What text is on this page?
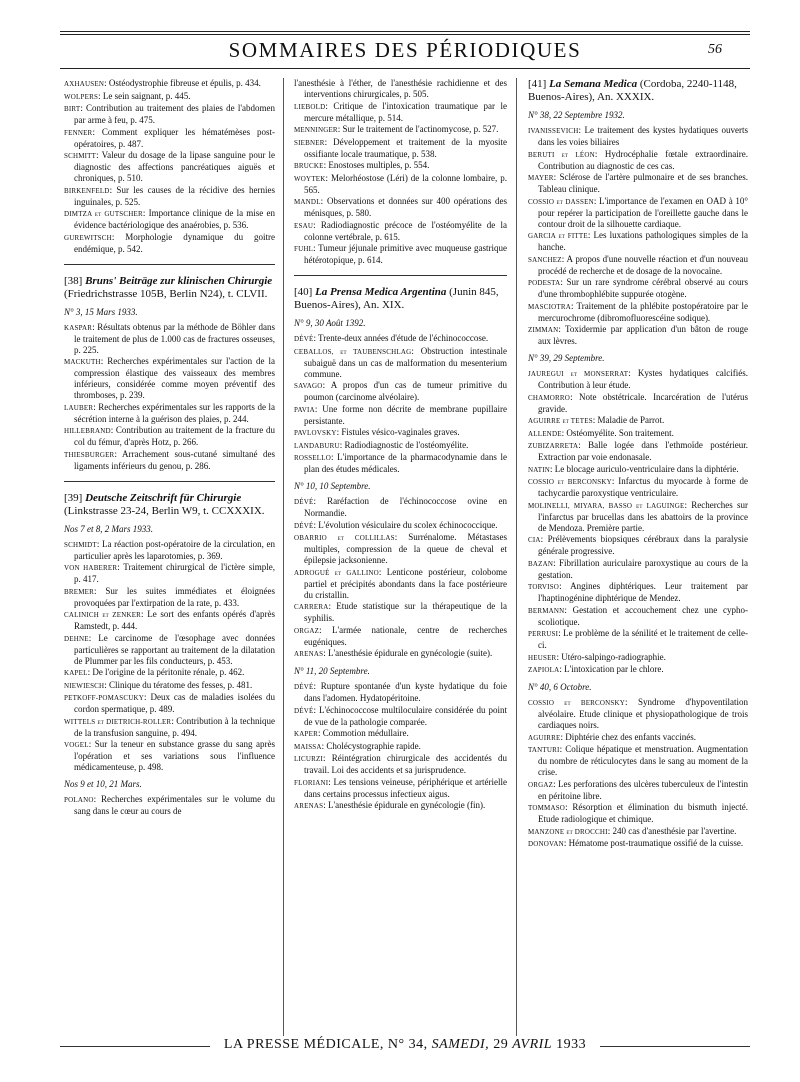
SOMMAIRES DES PÉRIODIQUES	56

AXHAUSEN: Ostéodystrophie fibreuse et épulis, p. 434.

WOLPERS: Le sein saignant, p. 445.

BIRT: Contribution au traitement des plaies de l'abdomen par arme à feu, p. 475.

FENNER: Comment expliquer les hématémèses post-opératoires, p. 487.

SCHMITT: Valeur du dosage de la lipase sanguine pour le diagnostic des affections pancréatiques aiguës et chroniques, p. 510.

BIRKENFELD: Sur les causes de la récidive des hernies inguinales, p. 525.

DIMTZA et GUTSCHER: Importance clinique de la mise en évidence bactériologique des anaérobies, p. 536.

GUREWITSCH: Morphologie dynamique du goitre endémique, p. 542.

[38] Bruns' Beiträge zur klinischen Chirurgie (Friedrichstrasse 105B, Berlin N24), t. CLVII.

N° 3, 15 Mars 1933.

KASPAR: Résultats obtenus par la méthode de Böhler dans le traitement de plus de 1.000 cas de fractures osseuses, p. 225.

MACKUTH: Recherches expérimentales sur l'action de la compression élastique des vaisseaux des membres inférieurs, considérée comme moyen préventif des thromboses, p. 239.

LAUBER: Recherches expérimentales sur les rapports de la sécrétion interne à la guérison des plaies, p. 244.

HILLEBRAND: Contribution au traitement de la fracture du col du fémur, d'après Hotz, p. 266.

THIESBURGER: Arrachement sous-cutané simultané des ligaments inférieurs du genou, p. 286.

[39] Deutsche Zeitschrift für Chirurgie (Linkstrasse 23-24, Berlin W9, t. CCXXXIX.

Nos 7 et 8, 2 Mars 1933.

SCHMIDT: La réaction post-opératoire de la circulation, en particulier après les laparotomies, p. 369.

VON HABERER: Traitement chirurgical de l'ictère simple, p. 417.

BREMER: Sur les suites immédiates et éloignées provoquées par l'extirpation de la rate, p. 433.

CALINICH et ZENKER: Le sort des enfants opérés d'après Ramstedt, p. 444.

DEHNE: Le carcinome de l'œsophage avec données particulières se rapportant au traitement de la dilatation de Plummer par les fils conducteurs, p. 453.

KAPEL: De l'origine de la péritonite rénale, p. 462.

NIEWIESCH: Clinique du tératome des fesses, p. 481.

PETKOFF-POMASCUKY: Deux cas de maladies isolées du cordon spermatique, p. 489.

WITTELS et DIETRICH-ROLLER: Contribution à la technique de la transfusion sanguine, p. 494.

VOGEL: Sur la teneur en substance grasse du sang après l'opération et ses variations sous l'influence médicamenteuse, p. 498.

Nos 9 et 10, 21 Mars.

POLANO: Recherches expérimentales sur le volume du sang dans le cœur au cours de

l'anesthésie à l'éther, de l'anesthésie rachidienne et des interventions chirurgicales, p. 505.

LIEBOLD: Critique de l'intoxication traumatique par le mercure métallique, p. 514.

MENNINGER: Sur le traitement de l'actinomycose, p. 527.

SIEBNER: Développement et traitement de la myosite ossifiante locale traumatique, p. 538.

BRUCKE: Enostoses multiples, p. 554.

WOYTEK: Melorhéostose (Léri) de la colonne lombaire, p. 565.

MANDL: Observations et données sur 400 opérations des ménisques, p. 580.

ESAU: Radiodiagnostic précoce de l'ostéomyélite de la colonne vertébrale, p. 615.

FUHL: Tumeur jéjunale primitive avec muqueuse gastrique hétérotopique, p. 614.

[40] La Prensa Medica Argentina (Junin 845, Buenos-Aires), An. XIX.

N° 9, 30 Août 1392.

DÉVÉ: Trente-deux années d'étude de l'échinococcose.

CEBALLOS, et TAUBENSCHLAG: Obstruction intestinale subaiguë dans un cas de malformation du mesenterium commune.

SAVAGO: A propos d'un cas de tumeur primitive du poumon (carcinome alvéolaire).

PAVIA: Une forme non décrite de membrane pupillaire persistante.

PAVLOVSKY: Fistules vésico-vaginales graves.

LANDABURU: Radiodiagnostic de l'ostéomyélite.

ROSSELLO: L'importance de la pharmacodynamie dans le plan des études médicales.

N° 10, 10 Septembre.

DÉVÉ: Raréfaction de l'échinococcose ovine en Normandie.

DÉVÉ: L'évolution vésiculaire du scolex échinococcique.

OBARRIO et COLLILLAS: Surrénalome. Métastases multiples, compression de la queue de cheval et épilepsie jacksonienne.

ADROGUÉ et GALLINO: Lenticone postérieur, colobome partiel et précipités abondants dans la face postérieure du cristallin.

CARRERA: Etude statistique sur la thérapeutique de la syphilis.

ORGAZ: L'armée nationale, centre de recherches eugéniques.

ARENAS: L'anesthésie épidurale en gynécologie (suite).

N° 11, 20 Septembre.

DÉVÉ: Rupture spontanée d'un kyste hydatique du foie dans l'adomen. Hydatopéritoine.

DÉVÉ: L'échinococcose multiloculaire considérée du point de vue de la pathologie comparée.

KAPER: Commotion médullaire.

MAISSA: Cholécystographie rapide.

LICURZI: Réintégration chirurgicale des accidentés du travail. Loi des accidents et sa jurisprudence.

FLORIANI: Les tensions veineuse, périphérique et artérielle dans certains processus infectieux aigus.

ARENAS: L'anesthésie épidurale en gynécologie (fin).

[41] La Semana Medica (Cordoba, 2240-1148, Buenos-Aires), An. XXXIX.

N° 38, 22 Septembre 1932.

IVANISSEVICH: Le traitement des kystes hydatiques ouverts dans les voies biliaires

BERUTI et LÉON: Hydrocéphalie fœtale extraordinaire. Contribution au diagnostic de ces cas.

MAYER: Sclérose de l'artère pulmonaire et de ses branches. Tableau clinique.

COSSIO et DASSEN: L'importance de l'examen en OAD à 10° pour repérer la participation de l'oreillette gauche dans le contour droit de la silhouette cardiaque.

GARCIA et FITTE: Les luxations pathologiques simples de la hanche.

SANCHEZ: A propos d'une nouvelle réaction et d'un nouveau procédé de recherche et de dosage de la novocaïne.

PODESTA: Sur un rare syndrome cérébral observé au cours d'une thrombophlébite suppurée otogène.

MASCIOTRA: Traitement de la phlébite postopératoire par le mercurochrome (dibromofluorescéine sodique).

ZIMMAN: Toxidermie par application d'un bâton de rouge aux lèvres.

N° 39, 29 Septembre.

JAUREGUI et MONSERRAT: Kystes hydatiques calcifiés. Contribution à leur étude.

CHAMORRO: Note obstétricale. Incarcération de l'utérus gravide.

AGUIRRE et TETES: Maladie de Parrot.

ALLENDE: Ostéomyélite. Son traitement.

ZUBIZARRETA: Balle logée dans l'ethmoïde postérieur. Extraction par voie endonasale.

NATIN: Le blocage auriculo-ventriculaire dans la diphtérie.

COSSIO et BERCONSKY: Infarctus du myocarde à forme de tachycardie paroxystique ventriculaire.

MOLINELLI, MIYARA, BASSO et LAGUINGE: Recherches sur l'infarctus par brucellas dans les abattoirs de la province de Mendoza. Première partie.

CIA: Prélèvements biopsiques cérébraux dans la paralysie générale progressive.

BAZAN: Fibrillation auriculaire paroxystique au cours de la gestation.

TORVISO: Angines diphtériques. Leur traitement par l'haptinogénine diphtérique de Mendez.

BERMANN: Gestation et accouchement chez une cypho-scoliotique.

PERRUSI: Le problème de la sénilité et le traitement de celle-ci.

HEUSER: Utéro-salpingo-radiographie.

ZAPIOLA: L'intoxication par le chlore.

N° 40, 6 Octobre.

COSSIO et BERCONSKY: Syndrome d'hypoventilation alvéolaire. Etude clinique et physiopathologique de trois cardiaques noirs.

AGUIRRE: Diphtérie chez des enfants vaccinés.

TANTURI: Colique hépatique et menstruation. Augmentation du nombre de réticulocytes dans le sang au moment de la crise.

ORGAZ: Les perforations des ulcères tuberculeux de l'intestin en péritoine libre.

TOMMASO: Résorption et élimination du bismuth injecté. Etude radiologique et chimique.

MANZONE et DROCCHI: 240 cas d'anesthésie par l'avertine.

DONOVAN: Hématome post-traumatique ossifié de la cuisse.

LA PRESSE MÉDICALE, N° 34, SAMEDI, 29 AVRIL 1933
